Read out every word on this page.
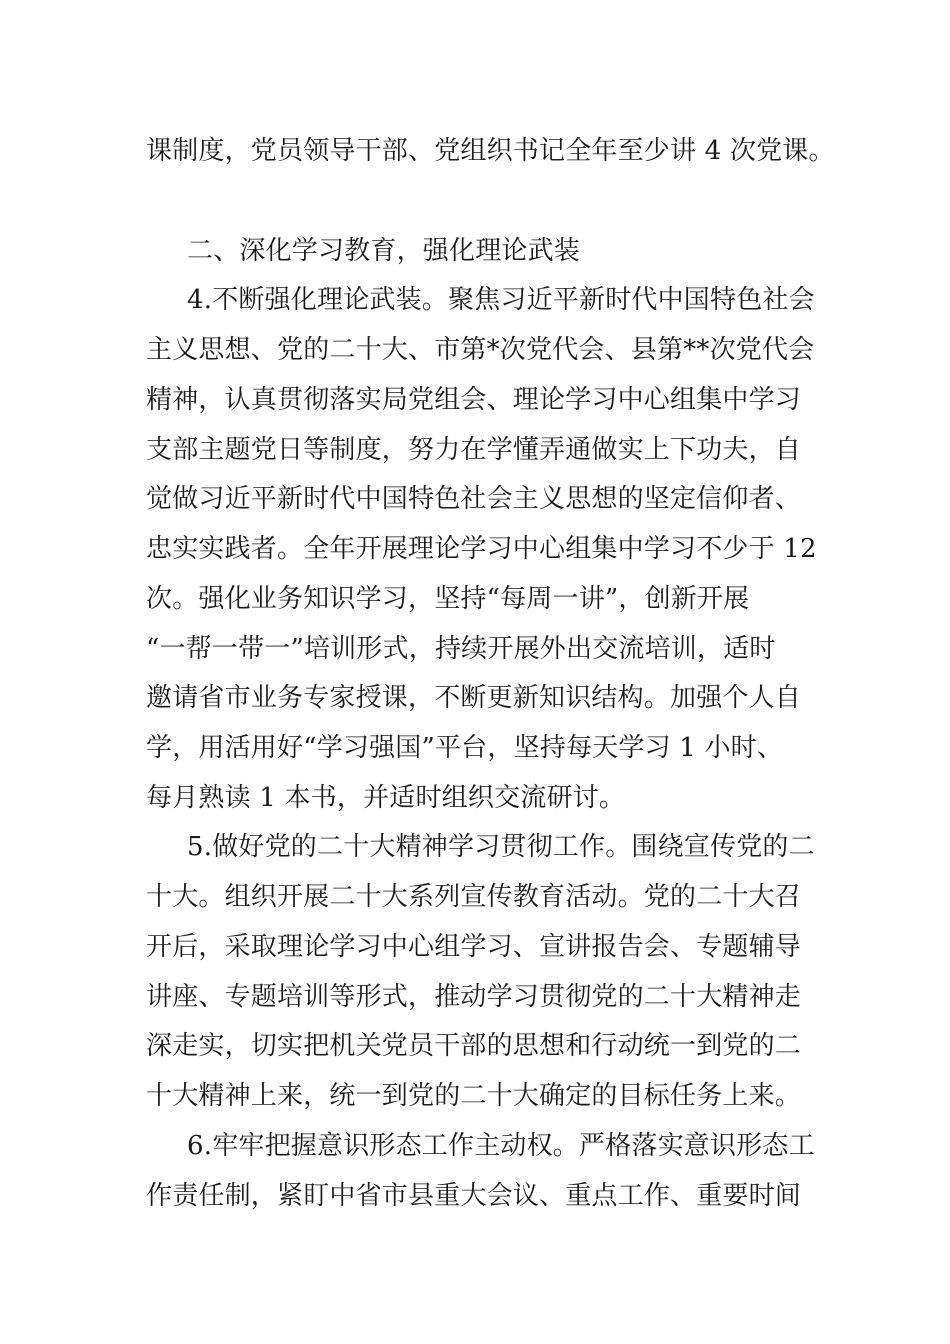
课制度，党员领导干部、党组织书记全年至少讲 4 次党课。
二、深化学习教育，强化理论武装
4.不断强化理论武装。聚焦习近平新时代中国特色社会
主义思想、党的二十大、市第*次党代会、县第**次党代会
精神，认真贯彻落实局党组会、理论学习中心组集中学习
支部主题党日等制度，努力在学懂弄通做实上下功夫，自
觉做习近平新时代中国特色社会主义思想的坚定信仰者、
忠实实践者。全年开展理论学习中心组集中学习不少于 12
次。强化业务知识学习，坚持“每周一讲”，创新开展
“一帮一带一”培训形式，持续开展外出交流培训，适时
邀请省市业务专家授课，不断更新知识结构。加强个人自
学，用活用好“学习强国”平台，坚持每天学习 1 小时、
每月熟读 1 本书，并适时组织交流研讨。
5.做好党的二十大精神学习贯彻工作。围绕宣传党的二
十大。组织开展二十大系列宣传教育活动。党的二十大召
开后，采取理论学习中心组学习、宣讲报告会、专题辅导
讲座、专题培训等形式，推动学习贯彻党的二十大精神走
深走实，切实把机关党员干部的思想和行动统一到党的二
十大精神上来，统一到党的二十大确定的目标任务上来。
6.牢牢把握意识形态工作主动权。严格落实意识形态工
作责任制，紧盯中省市县重大会议、重点工作、重要时间
